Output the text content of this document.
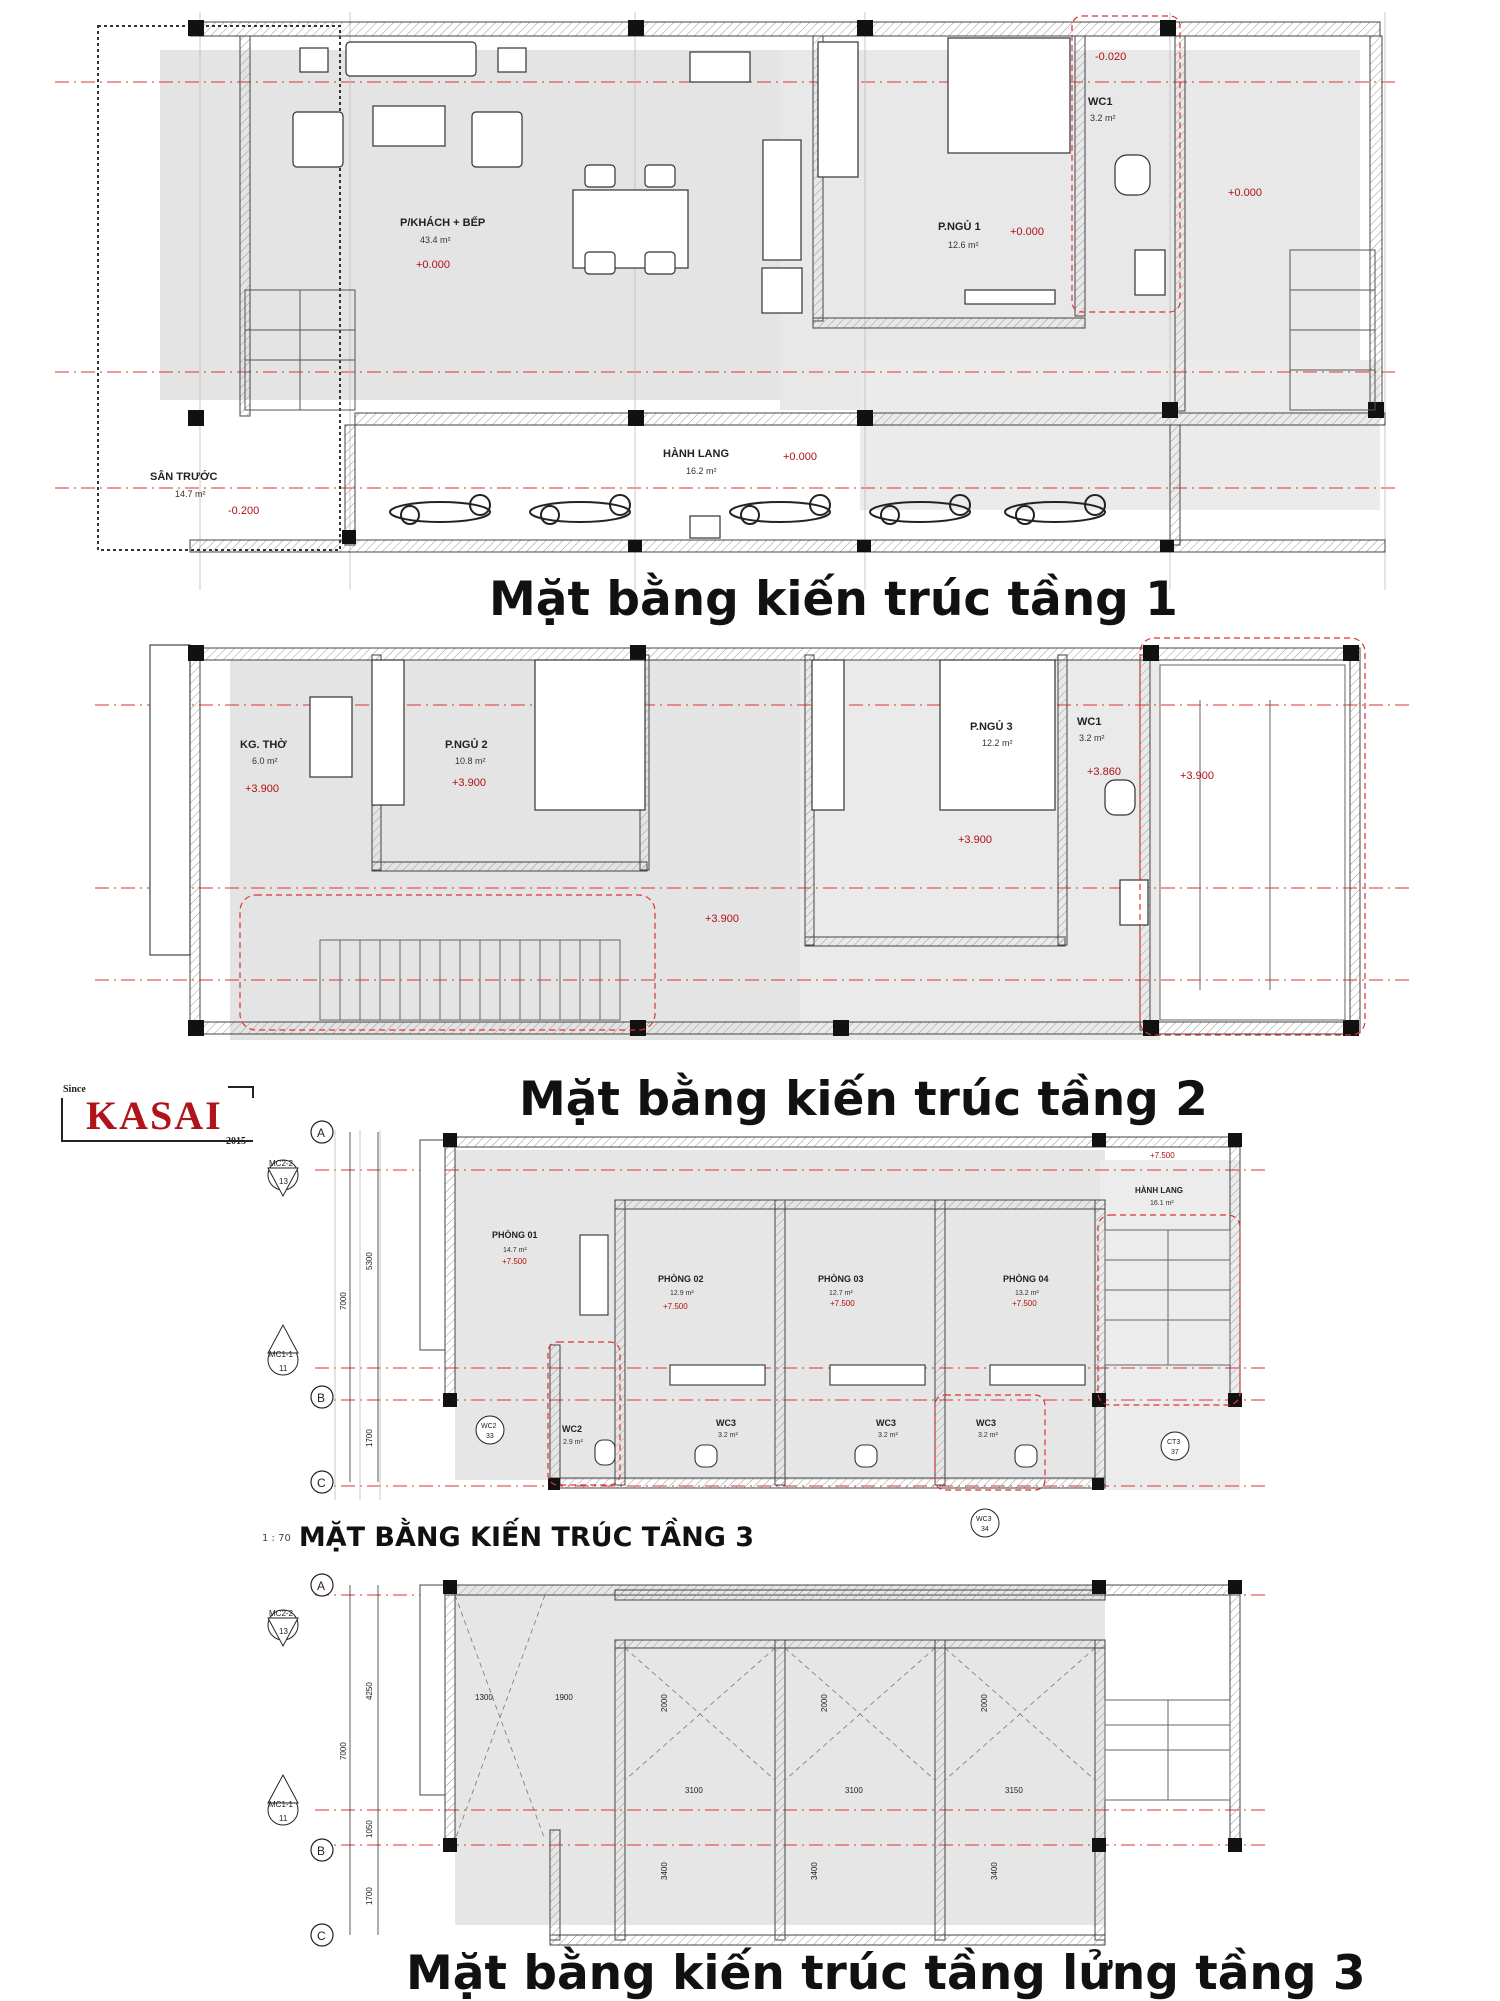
P/KHÁCH + BẾP
43.4 m²
+0.000
P.NGỦ 1
12.6 m²
+0.000
WC1
3.2 m²
-0.020
+0.000
HÀNH LANG
16.2 m²
+0.000
SÂN TRƯỚC
14.7 m²
-0.200
KG. THỜ
6.0 m²
+3.900
P.NGỦ 2
10.8 m²
+3.900
P.NGỦ 3
12.2 m²
+3.900
WC1
3.2 m²
+3.860	+3.900
+3.900
PHÒNG 01
14.7 m²
+7.500
PHÒNG 02
12.9 m²
+7.500
PHÒNG 03
12.7 m²
+7.500
PHÒNG 04
13.2 m²
+7.500
HÀNH LANG
16.1 m²
+7.500
WC2
2.9 m²
WC3
3.2 m²
WC3
3.2 m²
WC3
3.2 m²
A
B
C
7000
5300
1700
MC2-2
13
MC1-1
11
WC2
33
CT3
37
WC3
34
A
B
C
7000
4250
1050
1700
1300	1900
3100	3100	3150
2000	2000	2000
3400	3400	3400
MC2-2
13
MC1-1
11
Mặt bằng kiến trúc tầng 1
Mặt bằng kiến trúc tầng 2
1 : 70 MẶT BẰNG KIẾN TRÚC TẦNG 3
Mặt bằng kiến trúc tầng lửng tầng 3
Since
KASAI
2015
